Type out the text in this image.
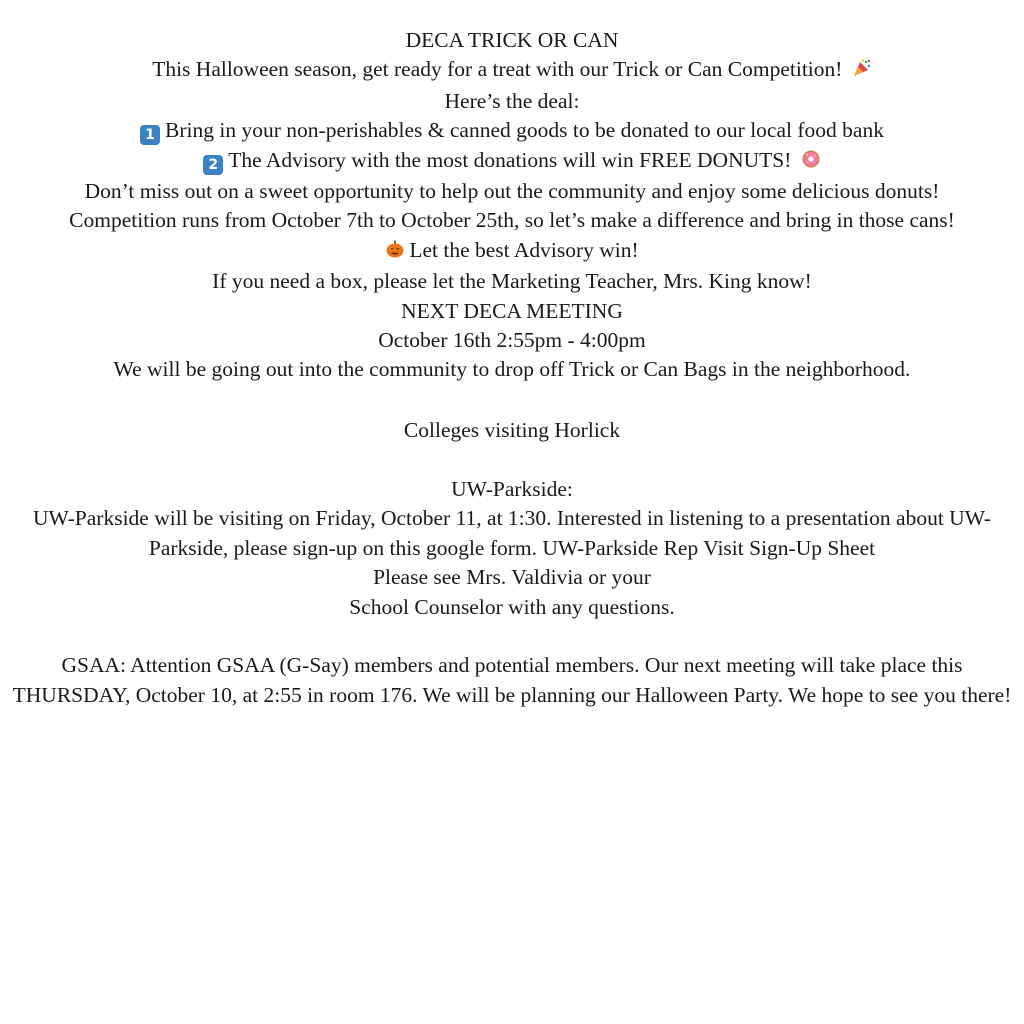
DECA TRICK OR CAN
This Halloween season, get ready for a treat with our Trick or Can Competition!
Here’s the deal:
1 Bring in your non-perishables & canned goods to be donated to our local food bank
2 The Advisory with the most donations will win FREE DONUTS!
Don’t miss out on a sweet opportunity to help out the community and enjoy some delicious donuts!
Competition runs from October 7th to October 25th, so let’s make a difference and bring in those cans!
Let the best Advisory win!
If you need a box, please let the Marketing Teacher, Mrs. King know!
NEXT DECA MEETING
October 16th 2:55pm - 4:00pm
We will be going out into the community to drop off Trick or Can Bags in the neighborhood.
Colleges visiting Horlick
UW-Parkside:
UW-Parkside will be visiting on Friday, October 11, at 1:30. Interested in listening to a presentation about UW-Parkside, please sign-up on this google form. UW-Parkside Rep Visit Sign-Up Sheet
Please see Mrs. Valdivia or your
School Counselor with any questions.
GSAA: Attention GSAA (G-Say) members and potential members. Our next meeting will take place this THURSDAY, October 10, at 2:55 in room 176. We will be planning our Halloween Party. We hope to see you there!
